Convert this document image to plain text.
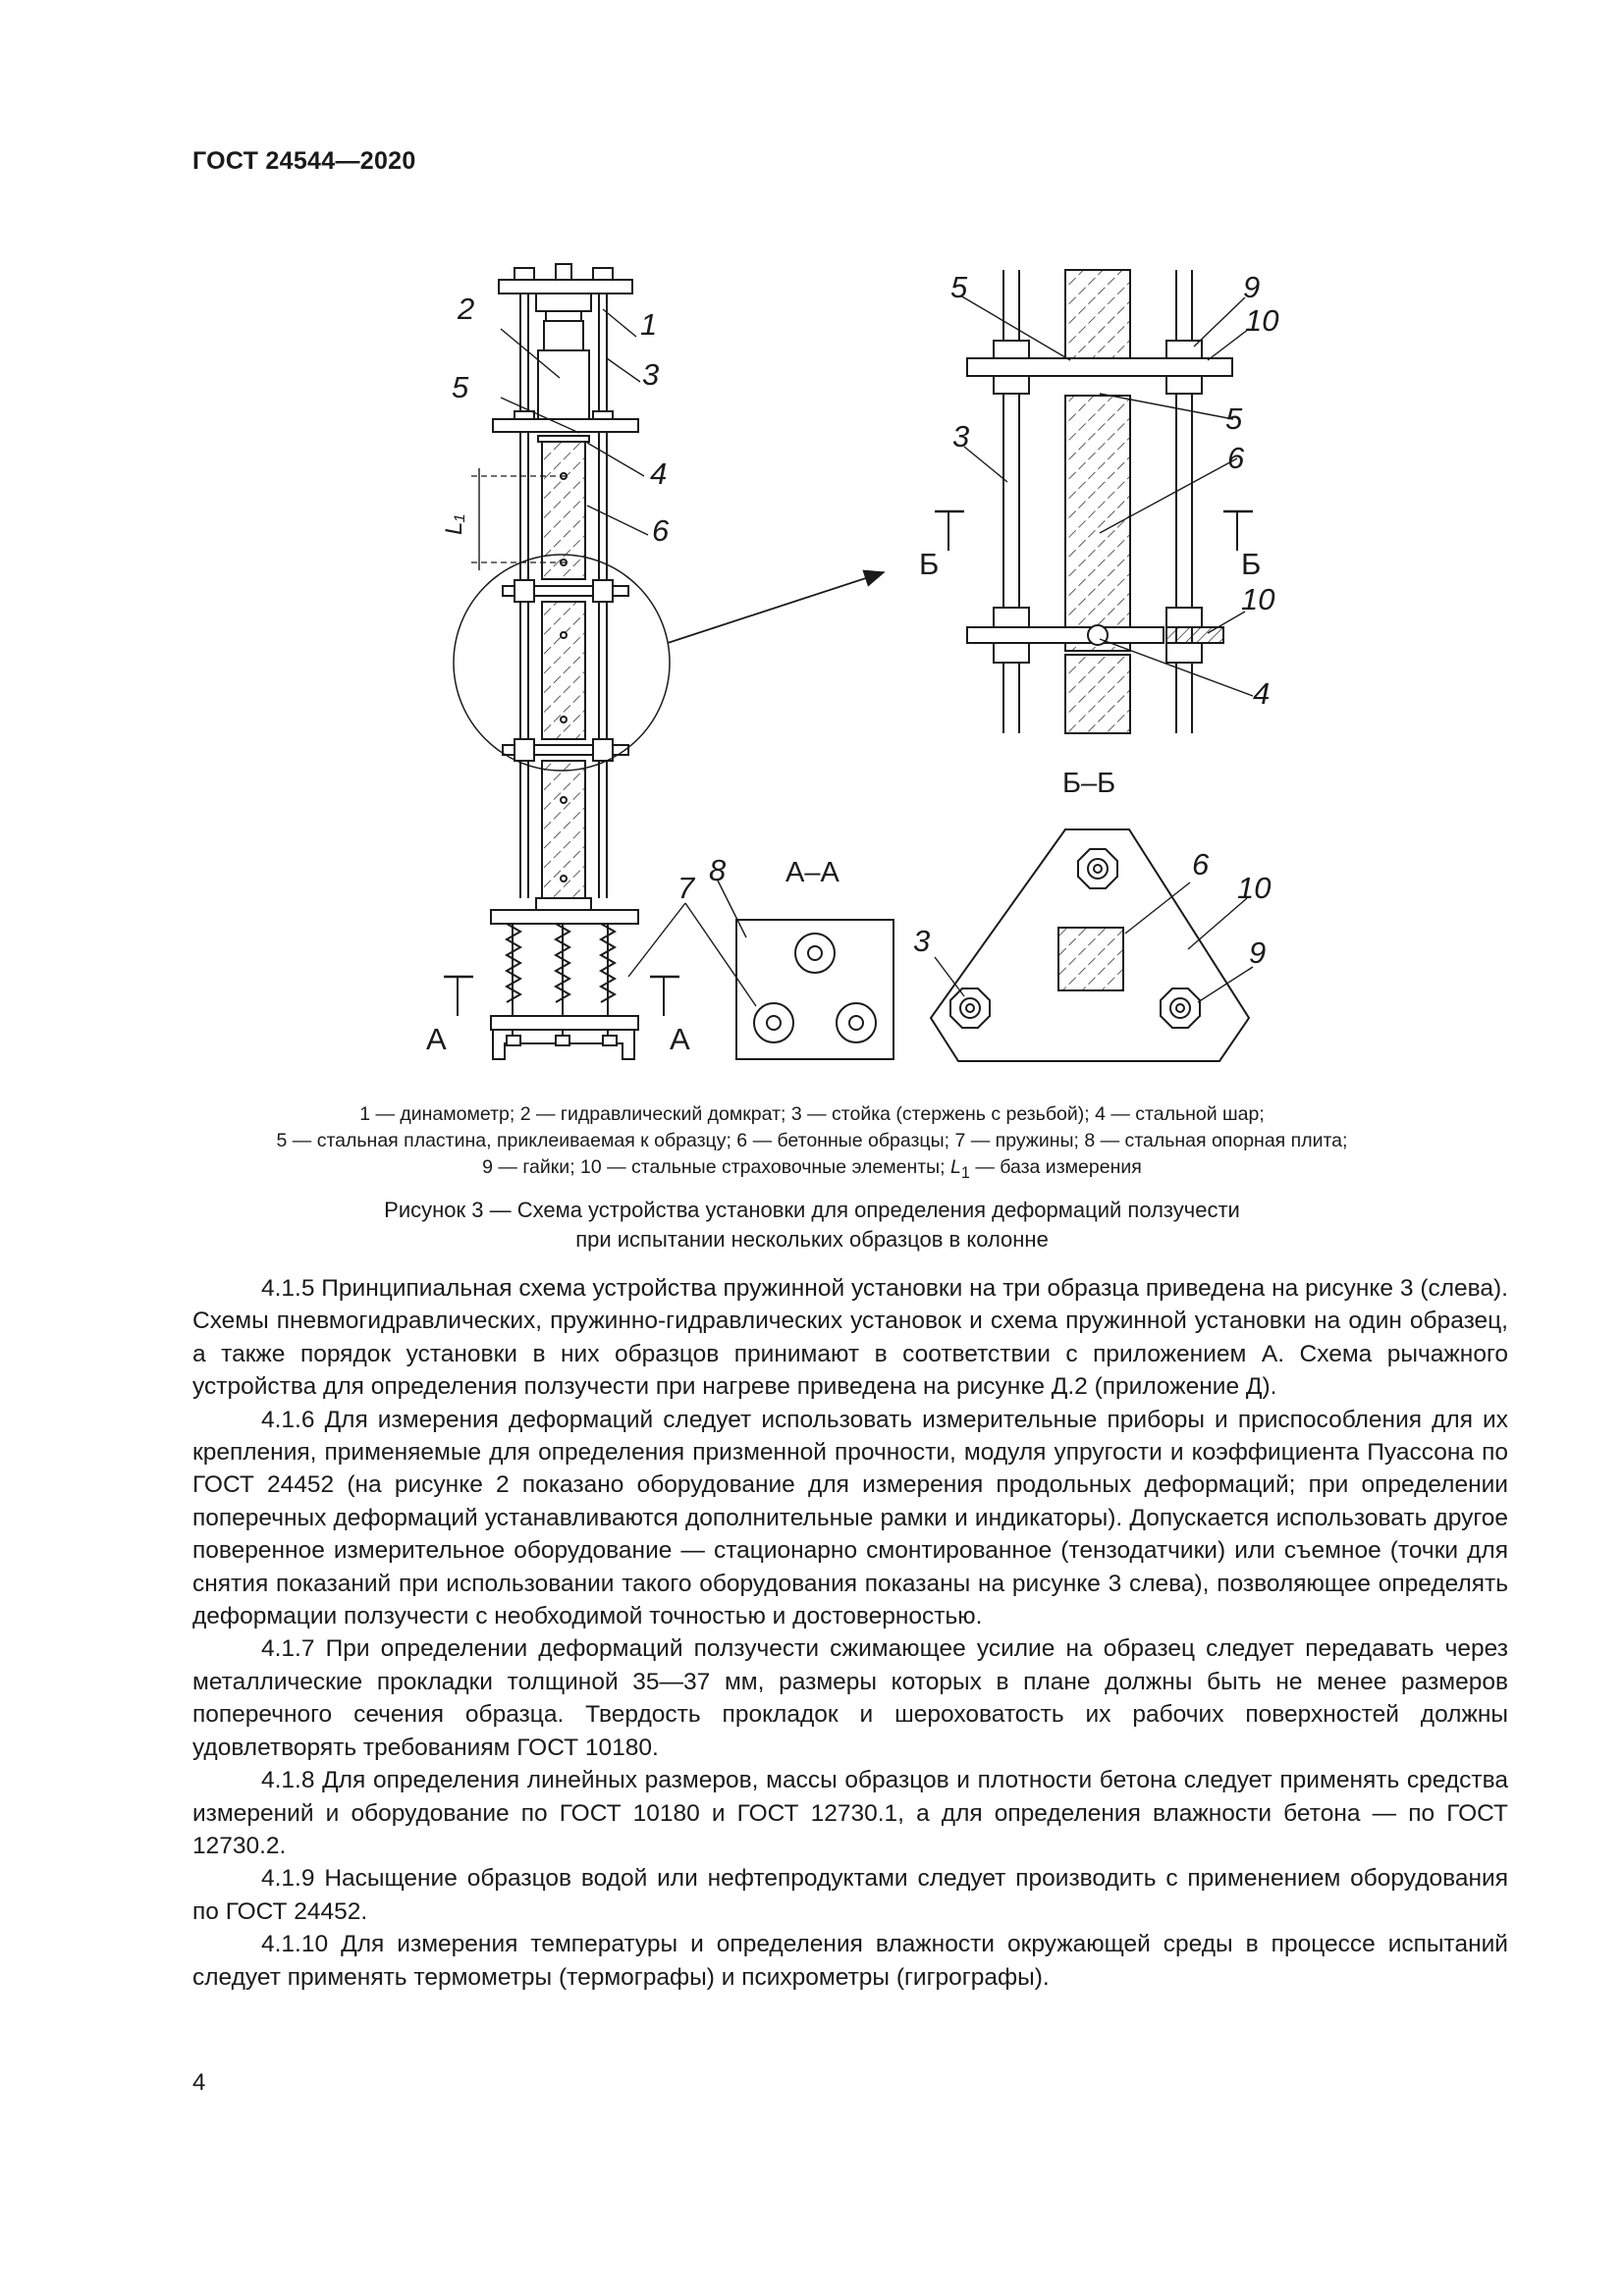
ГОСТ 24544—2020
2	1
3
5
4
6
7
8
L₁
А	А
А–А
5	9
10
5
6
3
10
4
Б	Б
Б–Б
3
6
10
9
1 — динамометр; 2 — гидравлический домкрат; 3 — стойка (стержень с резьбой); 4 — стальной шар;
5 — стальная пластина, приклеиваемая к образцу; 6 — бетонные образцы; 7 — пружины; 8 — стальная опорная плита;
9 — гайки; 10 — стальные страховочные элементы; $L_1$ — база измерения
Рисунок 3 — Схема устройства установки для определения деформаций ползучести
при испытании нескольких образцов в колонне

4.1.5 Принципиальная схема устройства пружинной установки на три образца приведена на рисунке 3 (слева). Схемы пневмогидравлических, пружинно-гидравлических установок и схема пружинной установки на один образец, а также порядок установки в них образцов принимают в соответствии с приложением А. Схема рычажного устройства для определения ползучести при нагреве приведена на рисунке Д.2 (приложение Д).

4.1.6 Для измерения деформаций следует использовать измерительные приборы и приспособления для их крепления, применяемые для определения призменной прочности, модуля упругости и коэффициента Пуассона по ГОСТ 24452 (на рисунке 2 показано оборудование для измерения продольных деформаций; при определении поперечных деформаций устанавливаются дополнительные рамки и индикаторы). Допускается использовать другое поверенное измерительное оборудование — стационарно смонтированное (тензодатчики) или съемное (точки для снятия показаний при использовании такого оборудования показаны на рисунке 3 слева), позволяющее определять деформации ползучести с необходимой точностью и достоверностью.

4.1.7 При определении деформаций ползучести сжимающее усилие на образец следует передавать через металлические прокладки толщиной 35—37 мм, размеры которых в плане должны быть не менее размеров поперечного сечения образца. Твердость прокладок и шероховатость их рабочих поверхностей должны удовлетворять требованиям ГОСТ 10180.

4.1.8 Для определения линейных размеров, массы образцов и плотности бетона следует применять средства измерений и оборудование по ГОСТ 10180 и ГОСТ 12730.1, а для определения влажности бетона — по ГОСТ 12730.2.

4.1.9 Насыщение образцов водой или нефтепродуктами следует производить с применением оборудования по ГОСТ 24452.

4.1.10 Для измерения температуры и определения влажности окружающей среды в процессе испытаний следует применять термометры (термографы) и психрометры (гигрографы).

4
